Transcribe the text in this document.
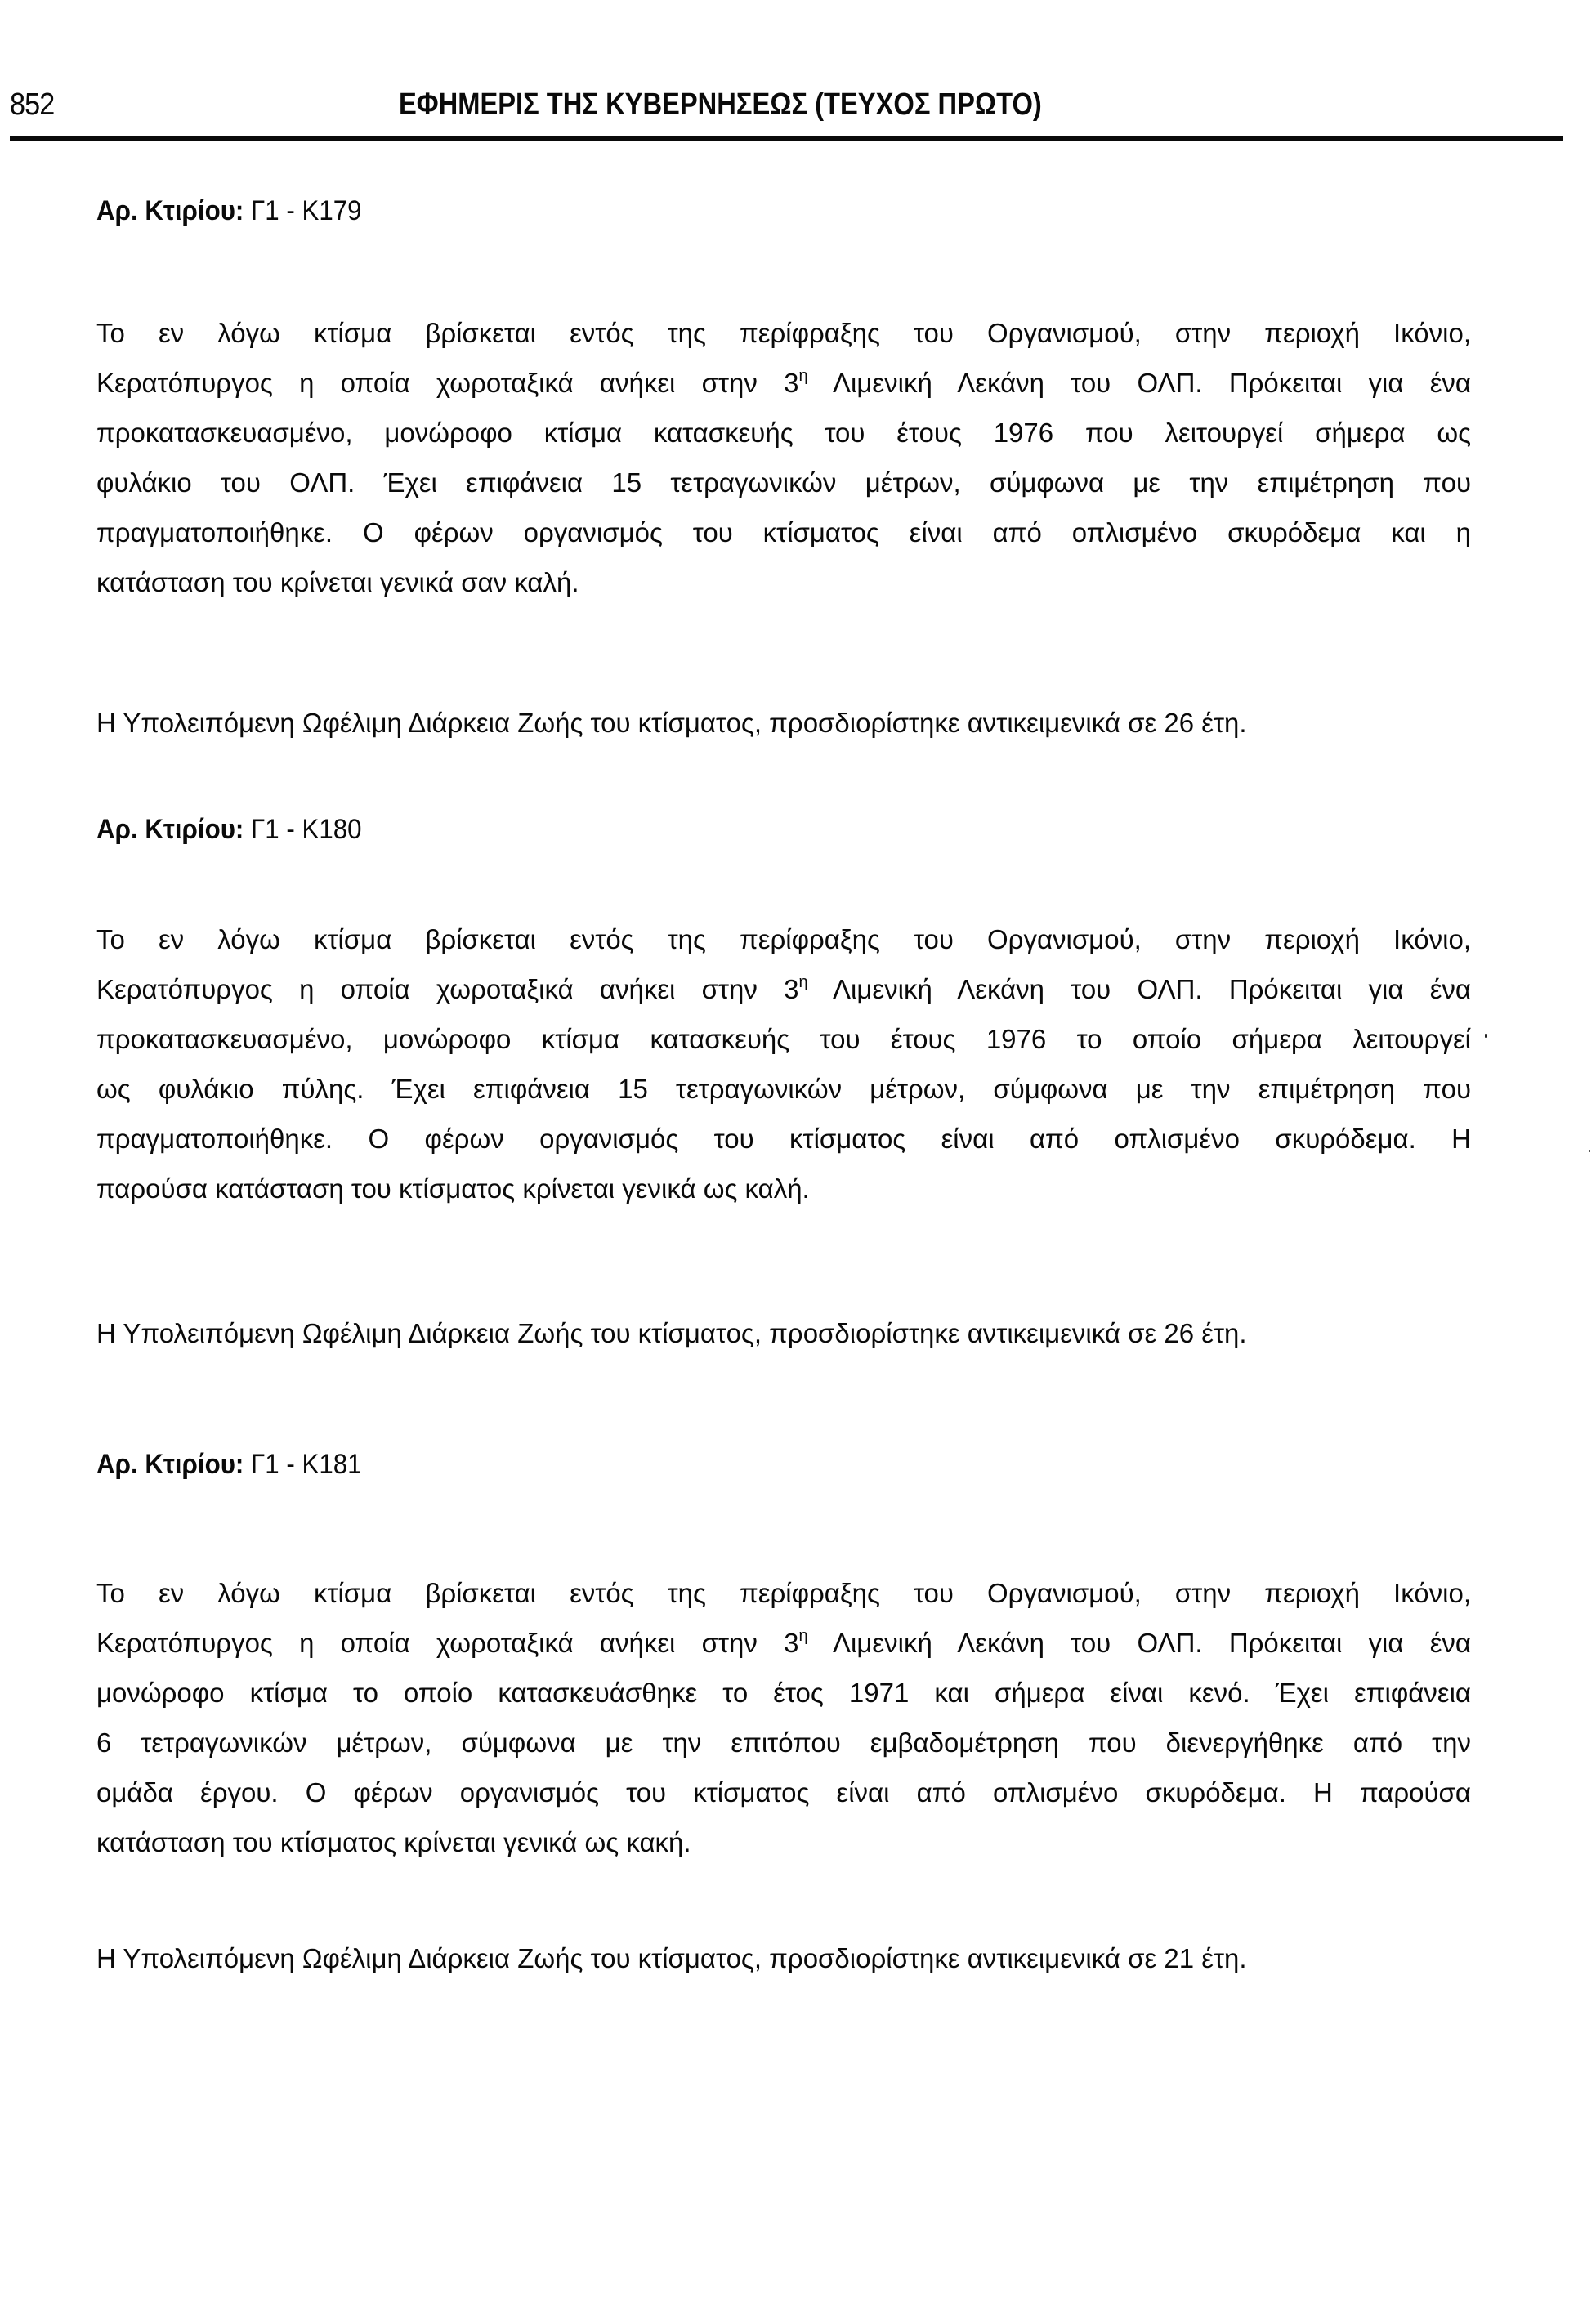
852	ΕΦΗΜΕΡΙΣ ΤΗΣ ΚΥΒΕΡΝΗΣΕΩΣ (ΤΕΥΧΟΣ ΠΡΩΤΟ)
Αρ. Κτιρίου: Γ1 - Κ179
Το εν λόγω κτίσμα βρίσκεται εντός της περίφραξης του Οργανισμού, στην περιοχή Ικόνιο,
Κερατόπυργος η οποία χωροταξικά ανήκει στην $3^\eta$ Λιμενική Λεκάνη του ΟΛΠ. Πρόκειται για ένα
προκατασκευασμένο, μονώροφο κτίσμα κατασκευής του έτους 1976 που λειτουργεί σήμερα ως
φυλάκιο του ΟΛΠ. Έχει επιφάνεια 15 τετραγωνικών μέτρων, σύμφωνα με την επιμέτρηση που
πραγματοποιήθηκε. Ο φέρων οργανισμός του κτίσματος είναι από οπλισμένο σκυρόδεμα και η
κατάσταση του κρίνεται γενικά σαν καλή.
Η Υπολειπόμενη Ωφέλιμη Διάρκεια Ζωής του κτίσματος, προσδιορίστηκε αντικειμενικά σε 26 έτη.
Αρ. Κτιρίου: Γ1 - Κ180
Το εν λόγω κτίσμα βρίσκεται εντός της περίφραξης του Οργανισμού, στην περιοχή Ικόνιο,
Κερατόπυργος η οποία χωροταξικά ανήκει στην $3^\eta$ Λιμενική Λεκάνη του ΟΛΠ. Πρόκειται για ένα
προκατασκευασμένο, μονώροφο κτίσμα κατασκευής του έτους 1976 το οποίο σήμερα λειτουργεί
ως φυλάκιο πύλης. Έχει επιφάνεια 15 τετραγωνικών μέτρων, σύμφωνα με την επιμέτρηση που
πραγματοποιήθηκε. Ο φέρων οργανισμός του κτίσματος είναι από οπλισμένο σκυρόδεμα. Η
παρούσα κατάσταση του κτίσματος κρίνεται γενικά ως καλή.
Η Υπολειπόμενη Ωφέλιμη Διάρκεια Ζωής του κτίσματος, προσδιορίστηκε αντικειμενικά σε 26 έτη.
Αρ. Κτιρίου: Γ1 - Κ181
Το εν λόγω κτίσμα βρίσκεται εντός της περίφραξης του Οργανισμού, στην περιοχή Ικόνιο,
Κερατόπυργος η οποία χωροταξικά ανήκει στην $3^\eta$ Λιμενική Λεκάνη του ΟΛΠ. Πρόκειται για ένα
μονώροφο κτίσμα το οποίο κατασκευάσθηκε το έτος 1971 και σήμερα είναι κενό. Έχει επιφάνεια
6 τετραγωνικών μέτρων, σύμφωνα με την επιτόπου εμβαδομέτρηση που διενεργήθηκε από την
ομάδα έργου. Ο φέρων οργανισμός του κτίσματος είναι από οπλισμένο σκυρόδεμα. Η παρούσα
κατάσταση του κτίσματος κρίνεται γενικά ως κακή.
Η Υπολειπόμενη Ωφέλιμη Διάρκεια Ζωής του κτίσματος, προσδιορίστηκε αντικειμενικά σε 21 έτη.
